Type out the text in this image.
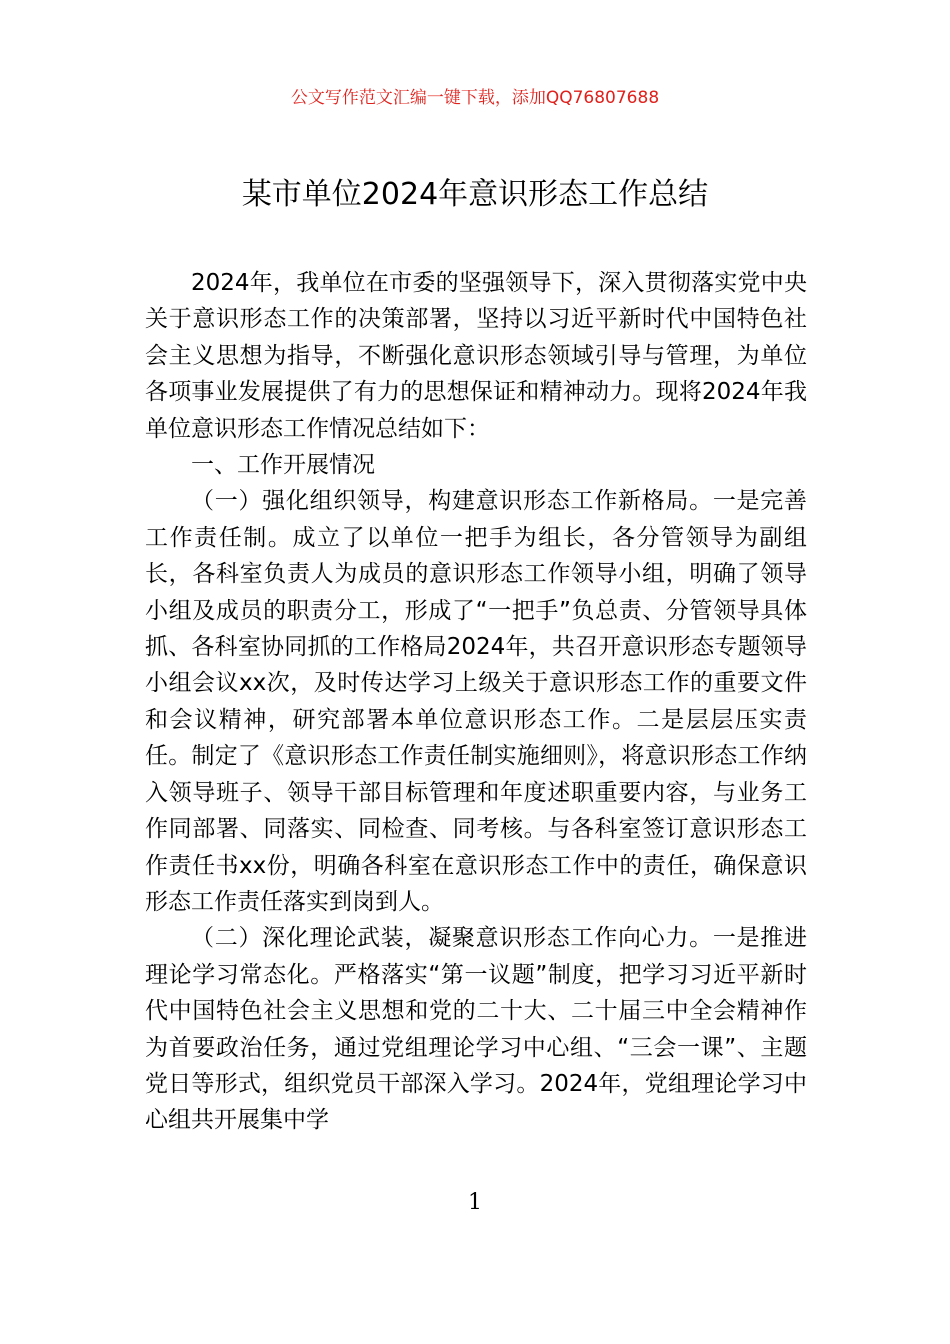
公文写作范文汇编一键下载，添加QQ76807688
某市单位2024年意识形态工作总结

2024年，我单位在市委的坚强领导下，深入贯彻落实党中央关于意识形态工作的决策部署，坚持以习近平新时代中国特色社会主义思想为指导，不断强化意识形态领域引导与管理，为单位各项事业发展提供了有力的思想保证和精神动力。现将2024年我单位意识形态工作情况总结如下：

一、工作开展情况

（一）强化组织领导，构建意识形态工作新格局。一是完善工作责任制。成立了以单位一把手为组长，各分管领导为副组长，各科室负责人为成员的意识形态工作领导小组，明确了领导小组及成员的职责分工，形成了“一把手”负总责、分管领导具体抓、各科室协同抓的工作格局2024年，共召开意识形态专题领导小组会议xx次，及时传达学习上级关于意识形态工作的重要文件和会议精神，研究部署本单位意识形态工作。二是层层压实责任。制定了《意识形态工作责任制实施细则》，将意识形态工作纳入领导班子、领导干部目标管理和年度述职重要内容，与业务工作同部署、同落实、同检查、同考核。与各科室签订意识形态工作责任书xx份，明确各科室在意识形态工作中的责任，确保意识形态工作责任落实到岗到人。

（二）深化理论武装，凝聚意识形态工作向心力。一是推进理论学习常态化。严格落实“第一议题”制度，把学习习近平新时代中国特色社会主义思想和党的二十大、二十届三中全会精神作为首要政治任务，通过党组理论学习中心组、“三会一课”、主题党日等形式，组织党员干部深入学习。2024年，党组理论学习中心组共开展集中学

1
